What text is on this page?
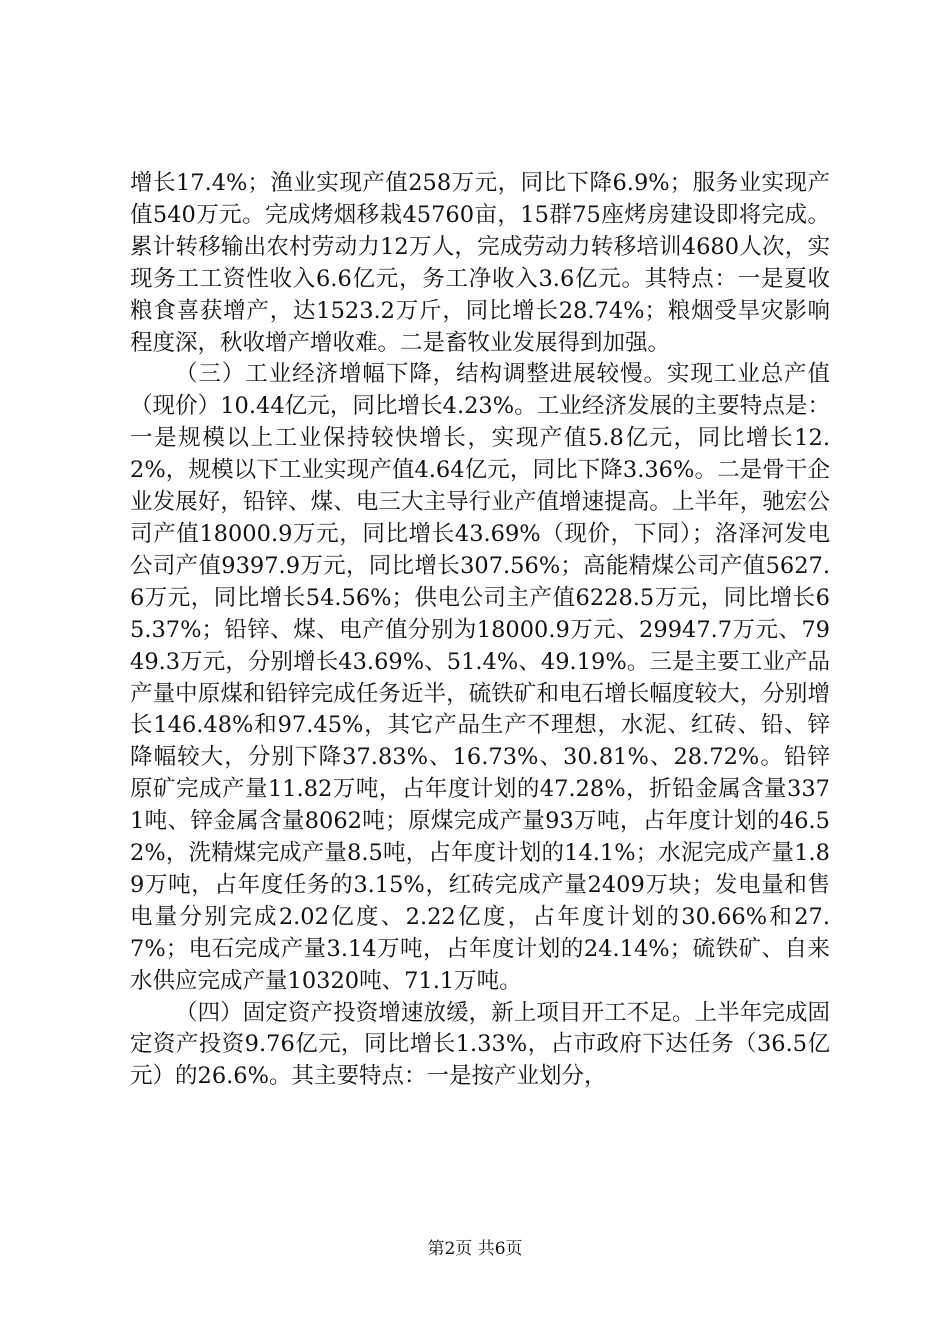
增长17.4%；渔业实现产值258万元，同比下降6.9%；服务业实现产值540万元。完成烤烟移栽45760亩，15群75座烤房建设即将完成。累计转移输出农村劳动力12万人，完成劳动力转移培训4680人次，实现务工工资性收入6.6亿元，务工净收入3.6亿元。其特点：一是夏收粮食喜获增产，达1523.2万斤，同比增长28.74%；粮烟受旱灾影响程度深，秋收增产增收难。二是畜牧业发展得到加强。

（三）工业经济增幅下降，结构调整进展较慢。实现工业总产值（现价）10.44亿元，同比增长4.23%。工业经济发展的主要特点是：一是规模以上工业保持较快增长，实现产值5.8亿元，同比增长12.2%，规模以下工业实现产值4.64亿元，同比下降3.36%。二是骨干企业发展好，铅锌、煤、电三大主导行业产值增速提高。上半年，驰宏公司产值18000.9万元，同比增长43.69%（现价，下同）；洛泽河发电公司产值9397.9万元，同比增长307.56%；高能精煤公司产值5627.6万元，同比增长54.56%；供电公司主产值6228.5万元，同比增长65.37%；铅锌、煤、电产值分别为18000.9万元、29947.7万元、7949.3万元，分别增长43.69%、51.4%、49.19%。三是主要工业产品产量中原煤和铅锌完成任务近半，硫铁矿和电石增长幅度较大，分别增长146.48%和97.45%，其它产品生产不理想，水泥、红砖、铅、锌降幅较大，分别下降37.83%、16.73%、30.81%、28.72%。铅锌原矿完成产量11.82万吨，占年度计划的47.28%，折铅金属含量3371吨、锌金属含量8062吨；原煤完成产量93万吨，占年度计划的46.52%，洗精煤完成产量8.5吨，占年度计划的14.1%；水泥完成产量1.89万吨，占年度任务的3.15%，红砖完成产量2409万块；发电量和售电量分别完成2.02亿度、2.22亿度，占年度计划的30.66%和27.7%；电石完成产量3.14万吨，占年度计划的24.14%；硫铁矿、自来水供应完成产量10320吨、71.1万吨。

（四）固定资产投资增速放缓，新上项目开工不足。上半年完成固定资产投资9.76亿元，同比增长1.33%，占市政府下达任务（36.5亿元）的26.6%。其主要特点：一是按产业划分，

第2页 共6页
